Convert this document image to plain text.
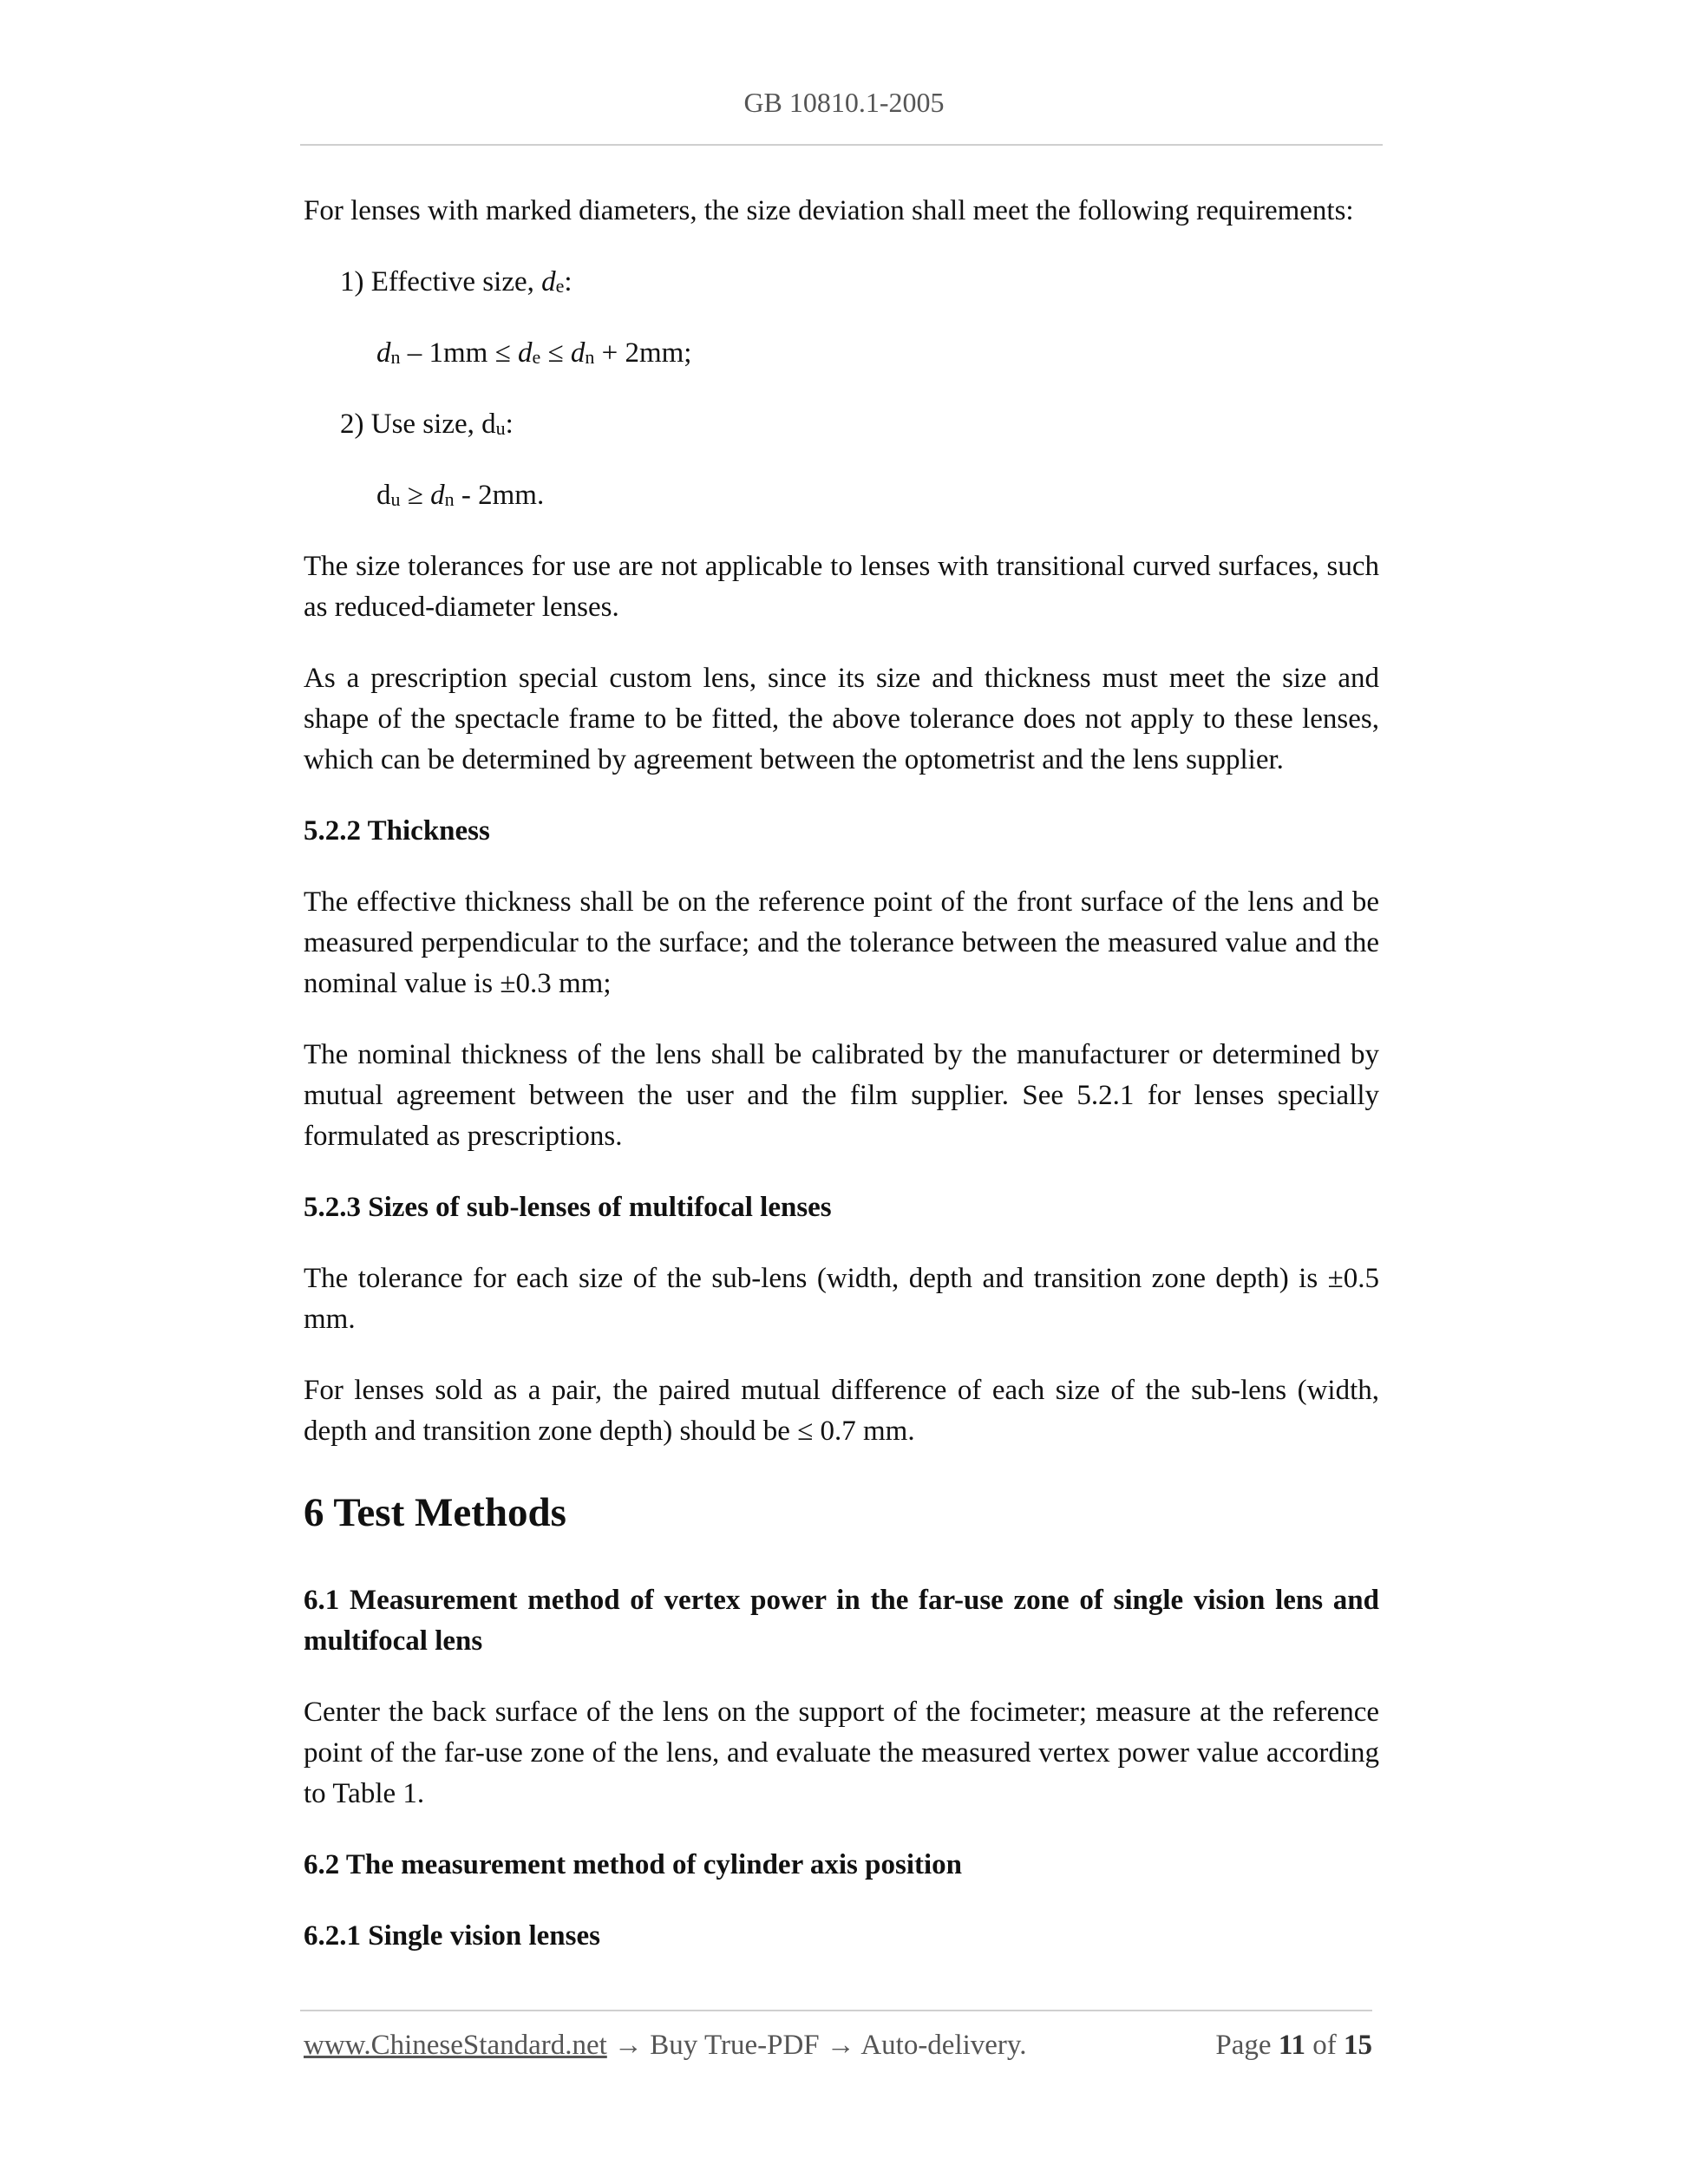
GB 10810.1-2005

For lenses with marked diameters, the size deviation shall meet the following requirements:

1) Effective size, $d_e$:

$d_n - 1mm \le d_e \le d_n + 2mm$;

2) Use size, $d_u$:

$d_u \ge d_n - 2mm$.

The size tolerances for use are not applicable to lenses with transitional curved surfaces, such as reduced-diameter lenses.

As a prescription special custom lens, since its size and thickness must meet the size and shape of the spectacle frame to be fitted, the above tolerance does not apply to these lenses, which can be determined by agreement between the optometrist and the lens supplier.

5.2.2 Thickness

The effective thickness shall be on the reference point of the front surface of the lens and be measured perpendicular to the surface; and the tolerance between the measured value and the nominal value is ±0.3 mm;

The nominal thickness of the lens shall be calibrated by the manufacturer or determined by mutual agreement between the user and the film supplier. See 5.2.1 for lenses specially formulated as prescriptions.

5.2.3 Sizes of sub-lenses of multifocal lenses

The tolerance for each size of the sub-lens (width, depth and transition zone depth) is ±0.5 mm.

For lenses sold as a pair, the paired mutual difference of each size of the sub-lens (width, depth and transition zone depth) should be ≤ 0.7 mm.

6 Test Methods

6.1 Measurement method of vertex power in the far-use zone of single vision lens and multifocal lens

Center the back surface of the lens on the support of the focimeter; measure at the reference point of the far-use zone of the lens, and evaluate the measured vertex power value according to Table 1.

6.2 The measurement method of cylinder axis position

6.2.1 Single vision lenses

www.ChineseStandard.net → Buy True-PDF → Auto-delivery.	Page 11 of 15
